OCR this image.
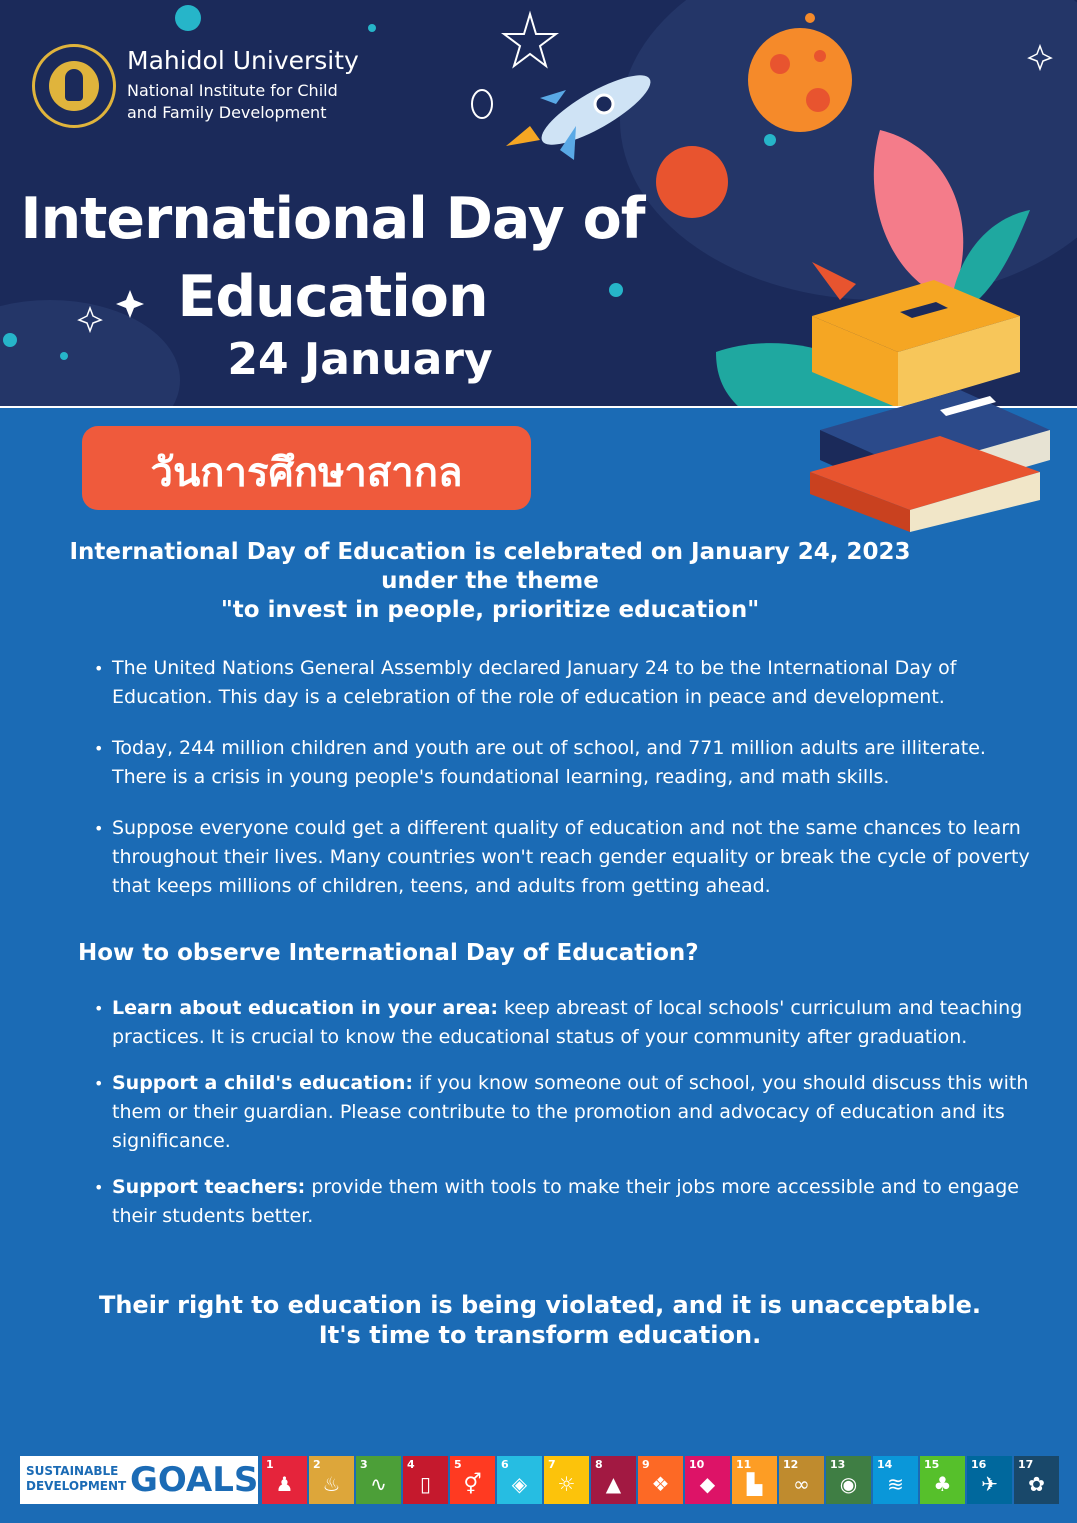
Mahidol University
National Institute for Child
and Family Development
International Day of
Education
24 January
วันการศึกษาสากล
International Day of Education is celebrated on January 24, 2023
under the theme
"to invest in people, prioritize education"
• The United Nations General Assembly declared January 24 to be the International Day of Education. This day is a celebration of the role of education in peace and development.
• Today, 244 million children and youth are out of school, and 771 million adults are illiterate. There is a crisis in young people's foundational learning, reading, and math skills.
• Suppose everyone could get a different quality of education and not the same chances to learn throughout their lives. Many countries won't reach gender equality or break the cycle of poverty that keeps millions of children, teens, and adults from getting ahead.
How to observe International Day of Education?
• Learn about education in your area: keep abreast of local schools' curriculum and teaching practices. It is crucial to know the educational status of your community after graduation.
• Support a child's education: if you know someone out of school, you should discuss this with them or their guardian. Please contribute to the promotion and advocacy of education and its significance.
• Support teachers: provide them with tools to make their jobs more accessible and to engage their students better.
Their right to education is being violated, and it is unacceptable.
It's time to transform education.
SUSTAINABLE
DEVELOPMENT GOALS 1
♟
2
♨
3
∿
4
▯
5
⚥
6
◈
7
☼
8
▲
9
❖
10
◆
11
▙
12
∞
13
◉
14
≋
15
♣
16
✈
17
✿
